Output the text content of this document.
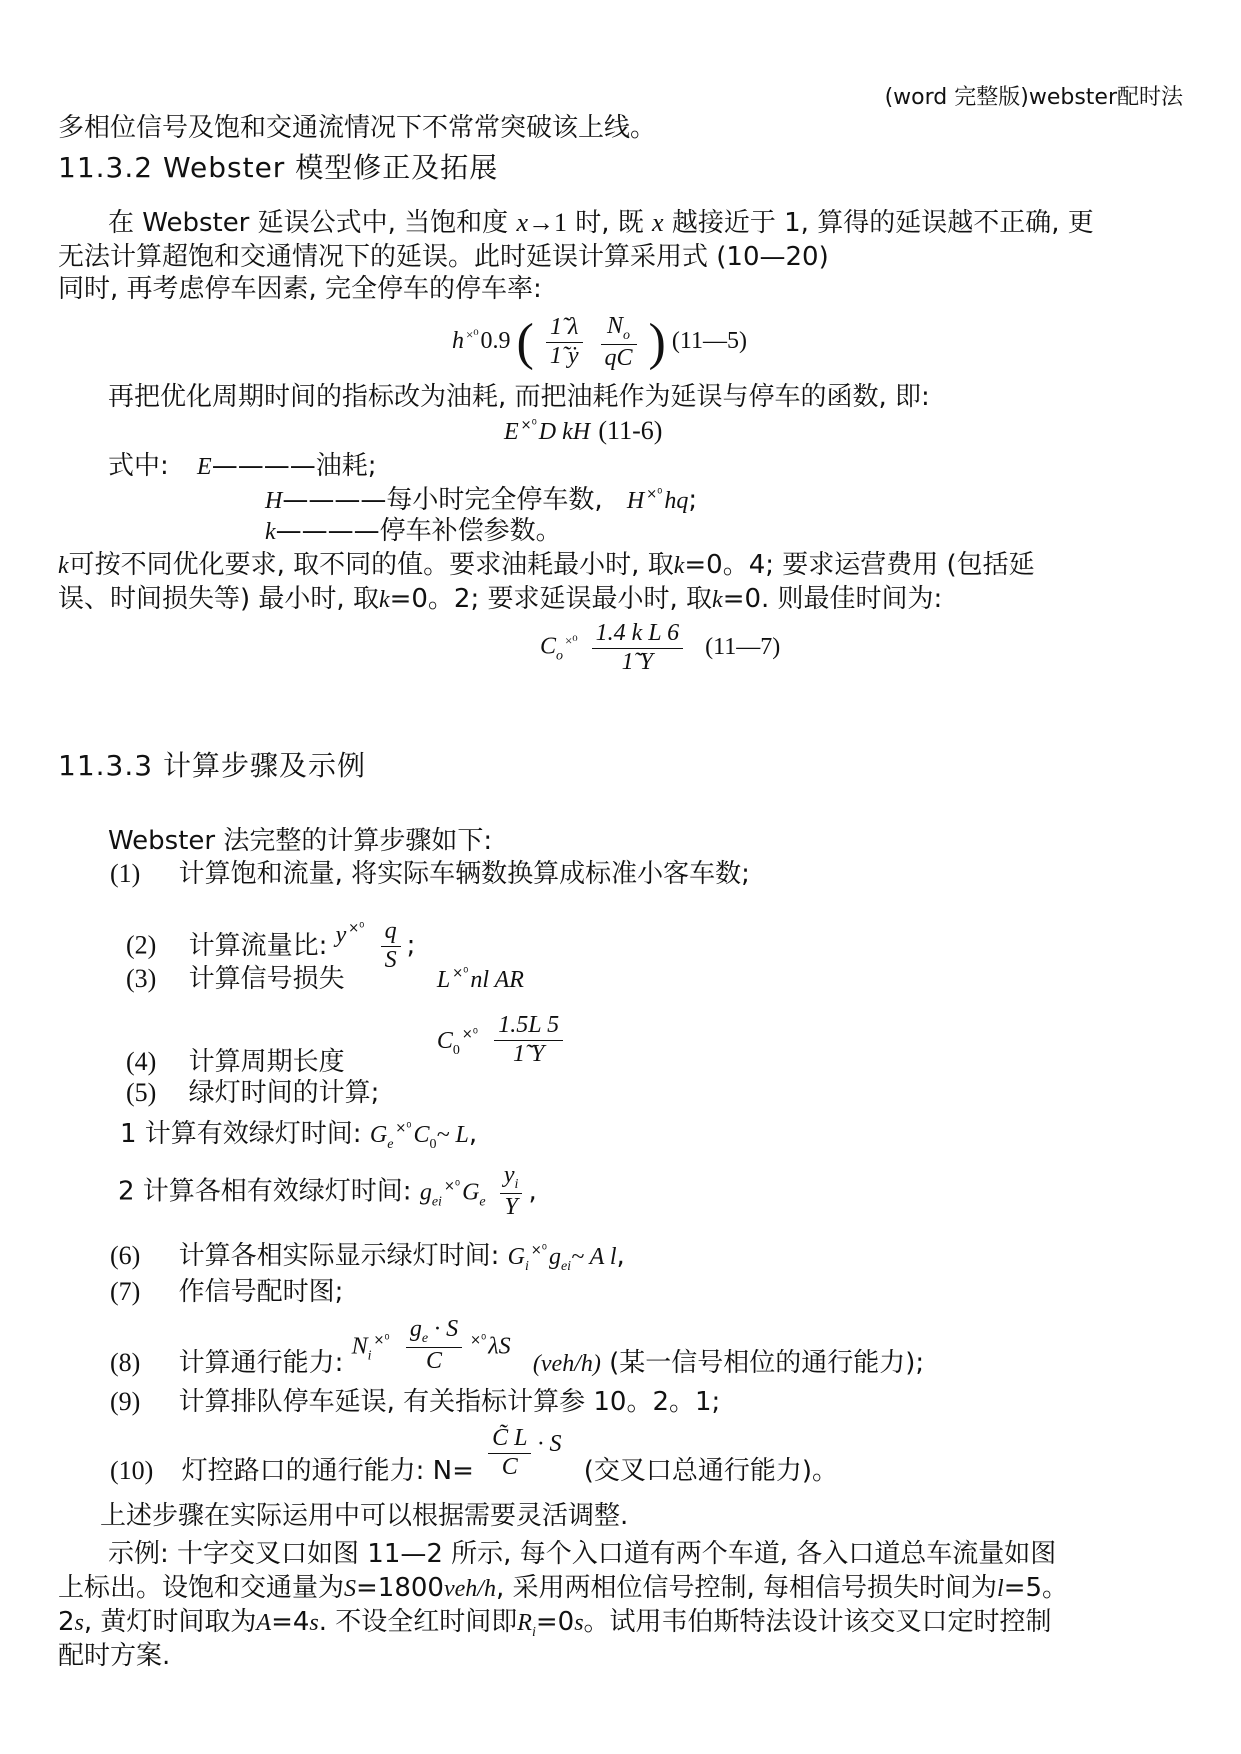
(word 完整版)webster配时法
多相位信号及饱和交通流情况下不常常突破该上线。
11.3.2 Webster 模型修正及拓展
在 Webster 延误公式中, 当饱和度 x→1 时, 既 x 越接近于 1, 算得的延误越不正确, 更
无法计算超饱和交通情况下的延误。此时延误计算采用式 (10—20)
同时, 再考虑停车因素, 完全停车的停车率:
h $^{\times^0}$0.9 ( $\frac{1̃ \lambda}{\text{1̃ ẏ}}$
$\frac{N_o}{qC}$ ) (11—5)
再把优化周期时间的指标改为油耗, 而把油耗作为延误与停车的函数, 即:
E $^{\times^0}$D kH (11-6)
式中: E————油耗;
H————每小时完全停车数, H $^{\times^0}$hq;
k————停车补偿参数。
k可按不同优化要求, 取不同的值。要求油耗最小时, 取k=0。4; 要求运营费用 (包括延
误、时间损失等) 最小时, 取k=0。2; 要求延误最小时, 取k=0. 则最佳时间为:
$C_o^{\times^0} \frac{\text{1.4 k L 6}}{1̃ Y}$ (11—7)
11.3.3 计算步骤及示例
Webster 法完整的计算步骤如下:
(1) 计算饱和流量, 将实际车辆数换算成标准小客车数;
(2) 计算流量比: y $^{\times^0} \frac{q}{S}$ ;
(3) 计算信号损失	L $^{\times^0}$nl AR
(4) 计算周期长度 $C_0^{\times^0} \frac{1.5L 5}{1̃ Y}$
(5) 绿灯时间的计算;
1 计算有效绿灯时间: $G_e^{\times^0}C_0\sim$ L,
2 计算各相有效绿灯时间: $g_{ei}^{\times^0}G_e \frac{y_i}{Y}$ ,
(6) 计算各相实际显示绿灯时间: $G_i^{\times^0}g_{ei}\sim$ A l,
(7) 作信号配时图;
(8) 计算通行能力: $N_i^{\times^0} \frac{g_e \cdot S}{C} ^{\times^0}\lambda S$ (veh/h) (某一信号相位的通行能力);
(9) 计算排队停车延误, 有关指标计算参 10。2。1;
(10) 灯控路口的通行能力: $N= \frac{C̃ L}{C} \cdot S$ (交叉口总通行能力)。
上述步骤在实际运用中可以根据需要灵活调整.
示例: 十字交叉口如图 11—2 所示, 每个入口道有两个车道, 各入口道总车流量如图
上标出。设饱和交通量为S=1800veh/h, 采用两相位信号控制, 每相信号损失时间为l=5。
2s, 黄灯时间取为A=4s. 不设全红时间即$R_i=0s$。试用韦伯斯特法设计该交叉口定时控制
配时方案.
